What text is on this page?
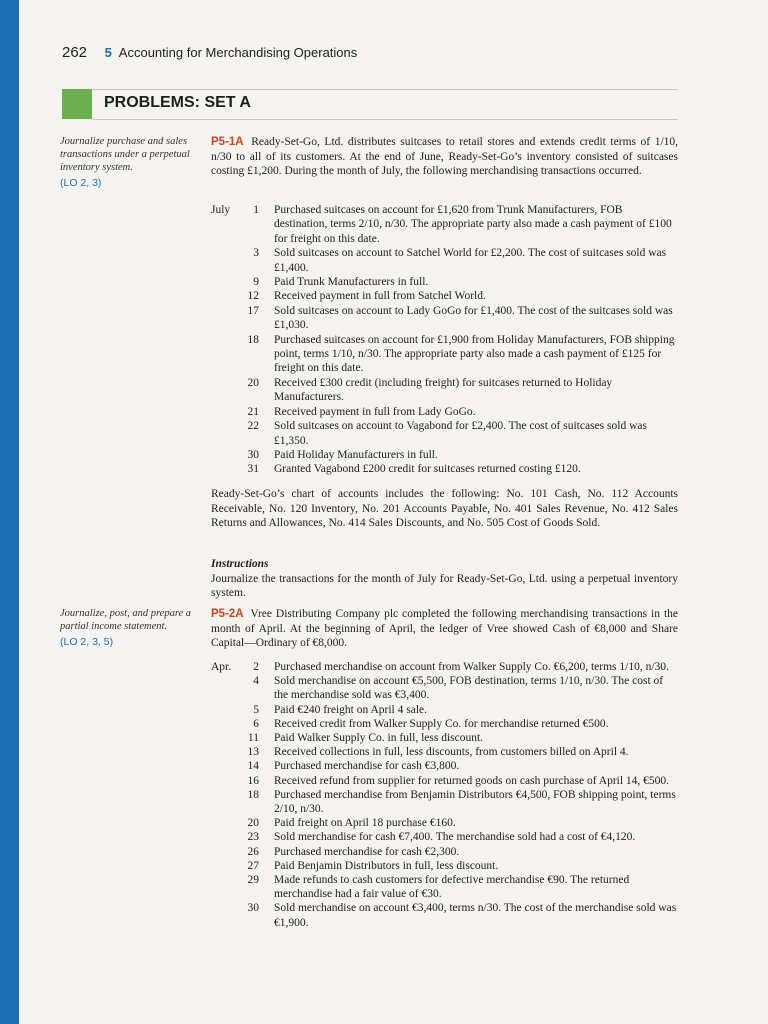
262 5 Accounting for Merchandising Operations
PROBLEMS: SET A
Journalize purchase and sales transactions under a perpetual inventory system.
(LO 2, 3)
P5-1A Ready-Set-Go, Ltd. distributes suitcases to retail stores and extends credit terms of 1/10, n/30 to all of its customers. At the end of June, Ready-Set-Go’s inventory consisted of suitcases costing £1,200. During the month of July, the following merchandising transactions occurred.
July	1	Purchased suitcases on account for £1,620 from Trunk Manufacturers, FOB destination, terms 2/10, n/30. The appropriate party also made a cash payment of £100 for freight on this date.
3	Sold suitcases on account to Satchel World for £2,200. The cost of suitcases sold was £1,400.
9	Paid Trunk Manufacturers in full.
12	Received payment in full from Satchel World.
17	Sold suitcases on account to Lady GoGo for £1,400. The cost of the suitcases sold was £1,030.
18	Purchased suitcases on account for £1,900 from Holiday Manufacturers, FOB shipping point, terms 1/10, n/30. The appropriate party also made a cash payment of £125 for freight on this date.
20	Received £300 credit (including freight) for suitcases returned to Holiday Manufacturers.
21	Received payment in full from Lady GoGo.
22	Sold suitcases on account to Vagabond for £2,400. The cost of suitcases sold was £1,350.
30	Paid Holiday Manufacturers in full.
31	Granted Vagabond £200 credit for suitcases returned costing £120.
Ready-Set-Go’s chart of accounts includes the following: No. 101 Cash, No. 112 Accounts Receivable, No. 120 Inventory, No. 201 Accounts Payable, No. 401 Sales Revenue, No. 412 Sales Returns and Allowances, No. 414 Sales Discounts, and No. 505 Cost of Goods Sold.
Instructions
Journalize the transactions for the month of July for Ready-Set-Go, Ltd. using a perpetual inventory system.
Journalize, post, and prepare a partial income statement.
(LO 2, 3, 5)
P5-2A Vree Distributing Company plc completed the following merchandising transactions in the month of April. At the beginning of April, the ledger of Vree showed Cash of €8,000 and Share Capital—Ordinary of €8,000.
Apr.	2	Purchased merchandise on account from Walker Supply Co. €6,200, terms 1/10, n/30.
4	Sold merchandise on account €5,500, FOB destination, terms 1/10, n/30. The cost of the merchandise sold was €3,400.
5	Paid €240 freight on April 4 sale.
6	Received credit from Walker Supply Co. for merchandise returned €500.
11	Paid Walker Supply Co. in full, less discount.
13	Received collections in full, less discounts, from customers billed on April 4.
14	Purchased merchandise for cash €3,800.
16	Received refund from supplier for returned goods on cash purchase of April 14, €500.
18	Purchased merchandise from Benjamin Distributors €4,500, FOB shipping point, terms 2/10, n/30.
20	Paid freight on April 18 purchase €160.
23	Sold merchandise for cash €7,400. The merchandise sold had a cost of €4,120.
26	Purchased merchandise for cash €2,300.
27	Paid Benjamin Distributors in full, less discount.
29	Made refunds to cash customers for defective merchandise €90. The returned merchandise had a fair value of €30.
30	Sold merchandise on account €3,400, terms n/30. The cost of the merchandise sold was €1,900.
